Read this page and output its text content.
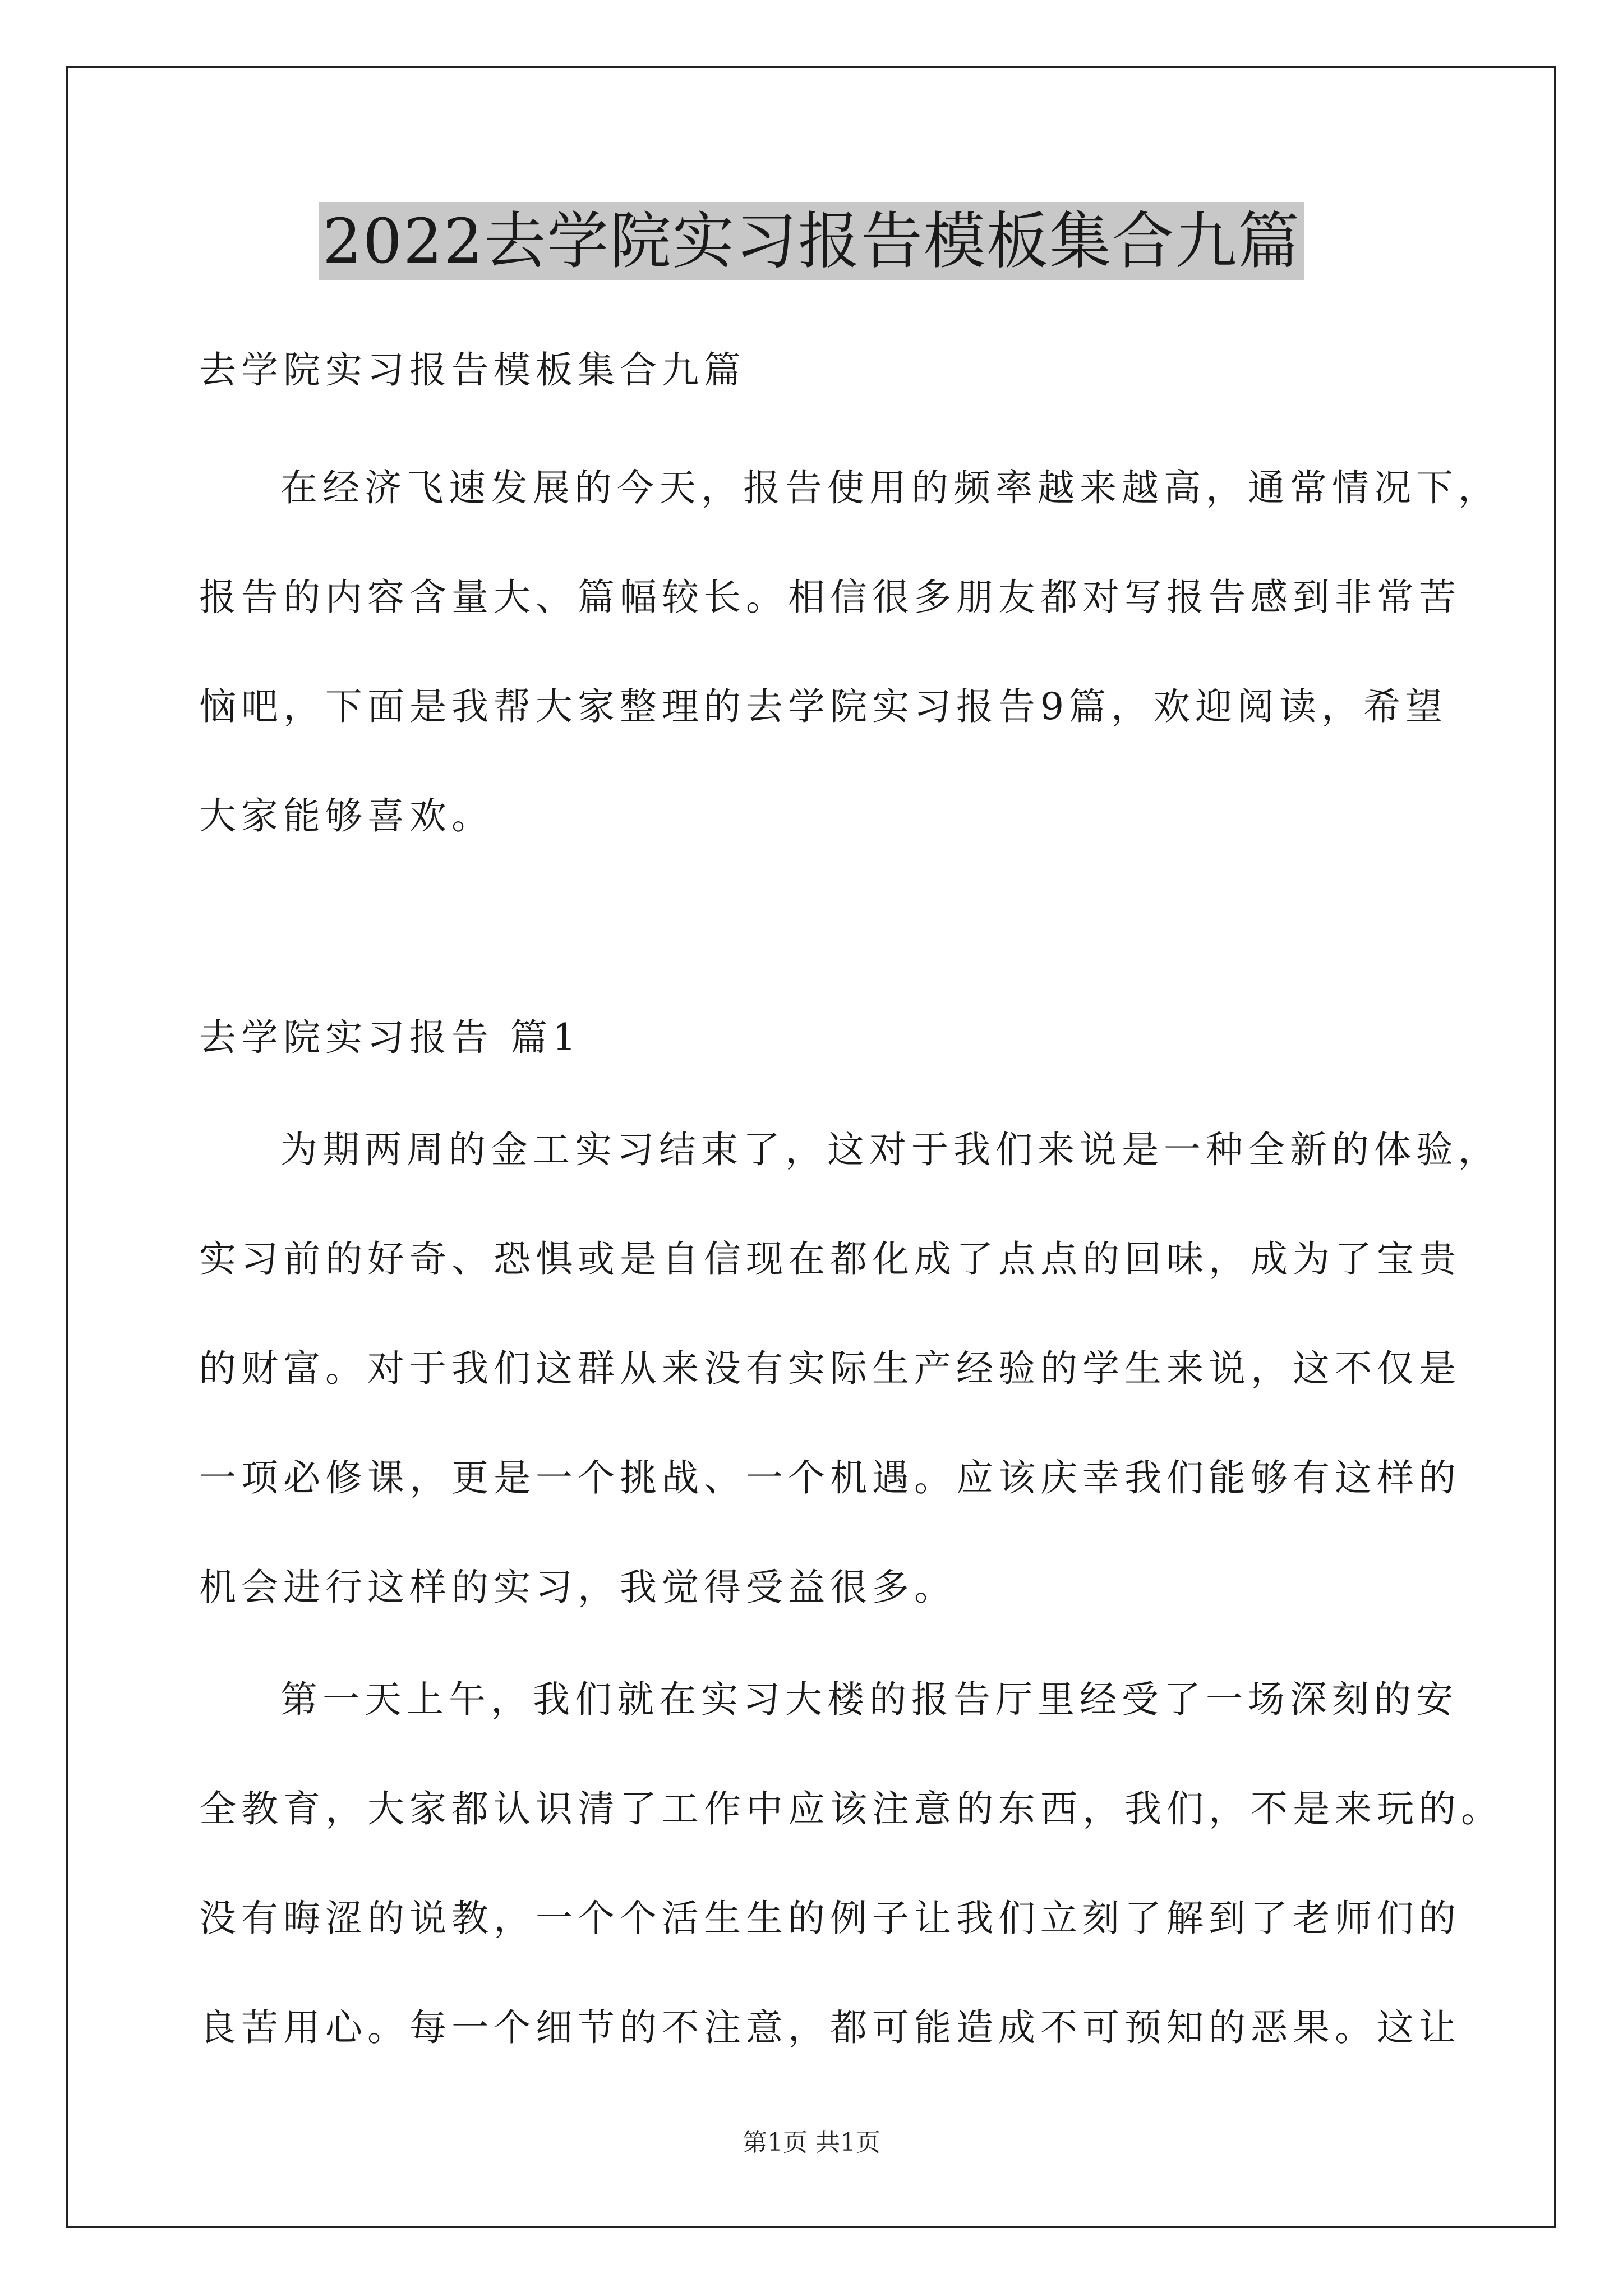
2022去学院实习报告模板集合九篇
去学院实习报告模板集合九篇
在经济飞速发展的今天，报告使用的频率越来越高，通常情况下，
报告的内容含量大、篇幅较长。相信很多朋友都对写报告感到非常苦
恼吧，下面是我帮大家整理的去学院实习报告9篇，欢迎阅读，希望
大家能够喜欢。
去学院实习报告 篇1
为期两周的金工实习结束了，这对于我们来说是一种全新的体验，
实习前的好奇、恐惧或是自信现在都化成了点点的回味，成为了宝贵
的财富。对于我们这群从来没有实际生产经验的学生来说，这不仅是
一项必修课，更是一个挑战、一个机遇。应该庆幸我们能够有这样的
机会进行这样的实习，我觉得受益很多。
第一天上午，我们就在实习大楼的报告厅里经受了一场深刻的安
全教育，大家都认识清了工作中应该注意的东西，我们，不是来玩的。
没有晦涩的说教，一个个活生生的例子让我们立刻了解到了老师们的
良苦用心。每一个细节的不注意，都可能造成不可预知的恶果。这让
第1页 共1页
